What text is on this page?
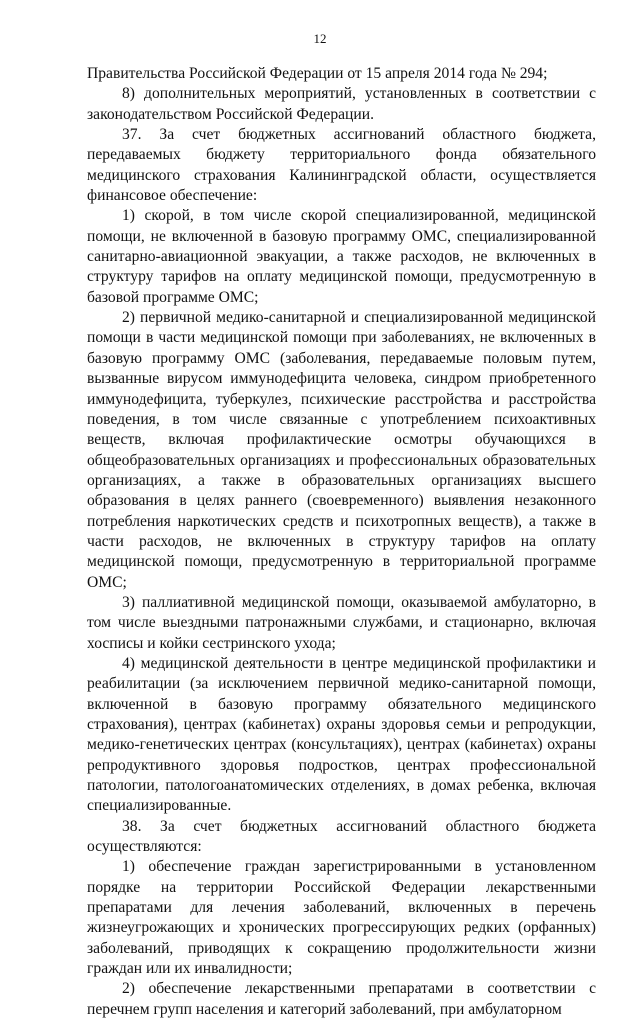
12

Правительства Российской Федерации от 15 апреля 2014 года № 294;

8) дополнительных мероприятий, установленных в соответствии с законодательством Российской Федерации.

37. За счет бюджетных ассигнований областного бюджета, передаваемых бюджету территориального фонда обязательного медицинского страхования Калининградской области, осуществляется финансовое обеспечение:

1) скорой, в том числе скорой специализированной, медицинской помощи, не включенной в базовую программу ОМС, специализированной санитарно-авиационной эвакуации, а также расходов, не включенных в структуру тарифов на оплату медицинской помощи, предусмотренную в базовой программе ОМС;

2) первичной медико-санитарной и специализированной медицинской помощи в части медицинской помощи при заболеваниях, не включенных в базовую программу ОМС (заболевания, передаваемые половым путем, вызванные вирусом иммунодефицита человека, синдром приобретенного иммунодефицита, туберкулез, психические расстройства и расстройства поведения, в том числе связанные с употреблением психоактивных веществ, включая профилактические осмотры обучающихся в общеобразовательных организациях и профессиональных образовательных организациях, а также в образовательных организациях высшего образования в целях раннего (своевременного) выявления незаконного потребления наркотических средств и психотропных веществ), а также в части расходов, не включенных в структуру тарифов на оплату медицинской помощи, предусмотренную в территориальной программе ОМС;

3) паллиативной медицинской помощи, оказываемой амбулаторно, в том числе выездными патронажными службами, и стационарно, включая хосписы и койки сестринского ухода;

4) медицинской деятельности в центре медицинской профилактики и реабилитации (за исключением первичной медико-санитарной помощи, включенной в базовую программу обязательного медицинского страхования), центрах (кабинетах) охраны здоровья семьи и репродукции, медико-генетических центрах (консультациях), центрах (кабинетах) охраны репродуктивного здоровья подростков, центрах профессиональной патологии, патологоанатомических отделениях, в домах ребенка, включая специализированные.

38. За счет бюджетных ассигнований областного бюджета осуществляются:

1) обеспечение граждан зарегистрированными в установленном порядке на территории Российской Федерации лекарственными препаратами для лечения заболеваний, включенных в перечень жизнеугрожающих и хронических прогрессирующих редких (орфанных) заболеваний, приводящих к сокращению продолжительности жизни граждан или их инвалидности;

2) обеспечение лекарственными препаратами в соответствии с перечнем групп населения и категорий заболеваний, при амбулаторном
